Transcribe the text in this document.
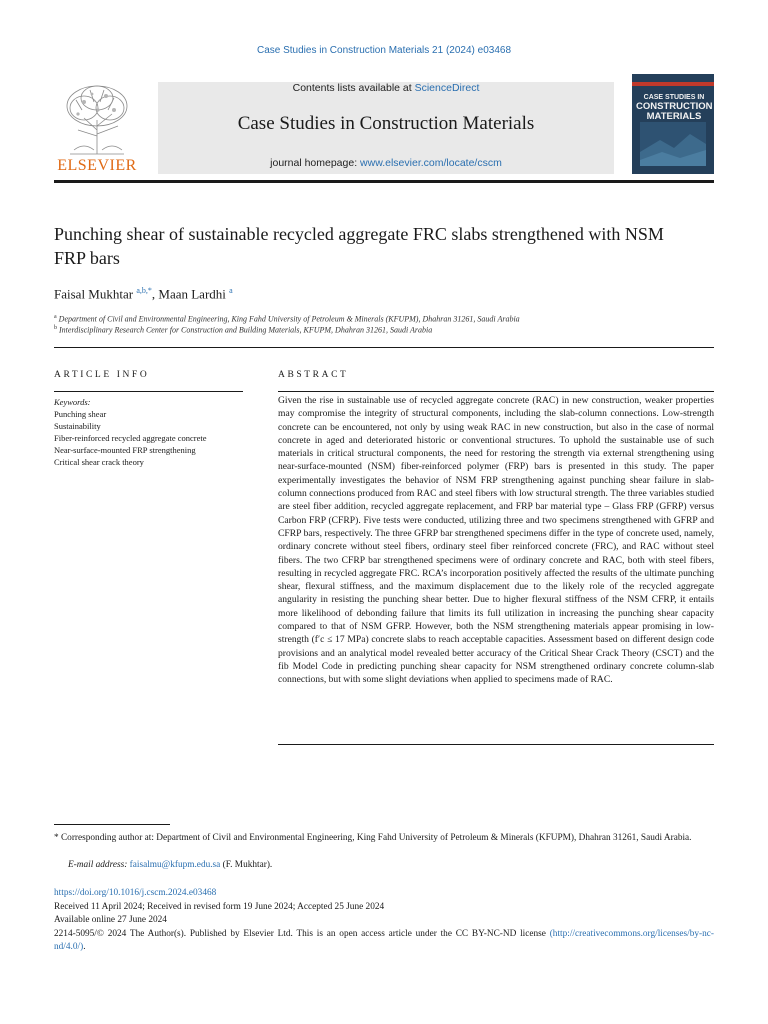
Case Studies in Construction Materials 21 (2024) e03468
ELSEVIER
Contents lists available at ScienceDirect
Case Studies in Construction Materials
journal homepage: www.elsevier.com/locate/cscm
CASE STUDIES IN
CONSTRUCTION MATERIALS
Punching shear of sustainable recycled aggregate FRC slabs strengthened with NSM FRP bars
Faisal Mukhtar $^{a,b,*}$, Maan Lardhi $^a$
$^a$ Department of Civil and Environmental Engineering, King Fahd University of Petroleum & Minerals (KFUPM), Dhahran 31261, Saudi Arabia
$^b$ Interdisciplinary Research Center for Construction and Building Materials, KFUPM, Dhahran 31261, Saudi Arabia
ARTICLE INFO
Keywords:
Punching shear
Sustainability
Fiber-reinforced recycled aggregate concrete
Near-surface-mounted FRP strengthening
Critical shear crack theory
ABSTRACT
Given the rise in sustainable use of recycled aggregate concrete (RAC) in new construction, weaker properties may compromise the integrity of structural components, including the slab-column connections. Low-strength concrete can be encountered, not only by using weak RAC in new construction, but also in the case of normal concrete in aged and deteriorated historic or conventional structures. To uphold the sustainable use of such materials in critical structural components, the need for restoring the strength via external strengthening using near-surface-mounted (NSM) fiber-reinforced polymer (FRP) bars is presented in this study. The paper experimentally investigates the behavior of NSM FRP strengthening against punching shear failure in slab-column connections produced from RAC and steel fibers with low structural strength. The three variables studied are steel fiber addition, recycled aggregate replacement, and FRP bar material type – Glass FRP (GFRP) versus Carbon FRP (CFRP). Five tests were conducted, utilizing three and two specimens strengthened with GFRP and CFRP bars, respectively. The three GFRP bar strengthened specimens differ in the type of concrete used, namely, ordinary concrete without steel fibers, ordinary steel fiber reinforced concrete (FRC), and RAC without steel fibers. The two CFRP bar strengthened specimens were of ordinary concrete and RAC, both with steel fibers, resulting in recycled aggregate FRC. RCA’s incorporation positively affected the results of the ultimate punching shear, flexural stiffness, and the maximum displacement due to the likely role of the recycled aggregate angularity in resisting the punching shear better. Due to higher flexural stiffness of the NSM CFRP, it entails more likelihood of debonding failure that limits its full utilization in increasing the punching shear capacity compared to that of NSM GFRP. However, both the NSM strengthening materials appear promising in low-strength (f′c ≤ 17 MPa) concrete slabs to reach acceptable capacities. Assessment based on different design code provisions and an analytical model revealed better accuracy of the Critical Shear Crack Theory (CSCT) and the fib Model Code in predicting punching shear capacity for NSM strengthened ordinary concrete column-slab connections, but with some slight deviations when applied to specimens made of RAC.
* Corresponding author at: Department of Civil and Environmental Engineering, King Fahd University of Petroleum & Minerals (KFUPM), Dhahran 31261, Saudi Arabia.
E-mail address: faisalmu@kfupm.edu.sa (F. Mukhtar).
https://doi.org/10.1016/j.cscm.2024.e03468
Received 11 April 2024; Received in revised form 19 June 2024; Accepted 25 June 2024
Available online 27 June 2024
2214-5095/© 2024 The Author(s). Published by Elsevier Ltd. This is an open access article under the CC BY-NC-ND license (http://creativecommons.org/licenses/by-nc-nd/4.0/).
